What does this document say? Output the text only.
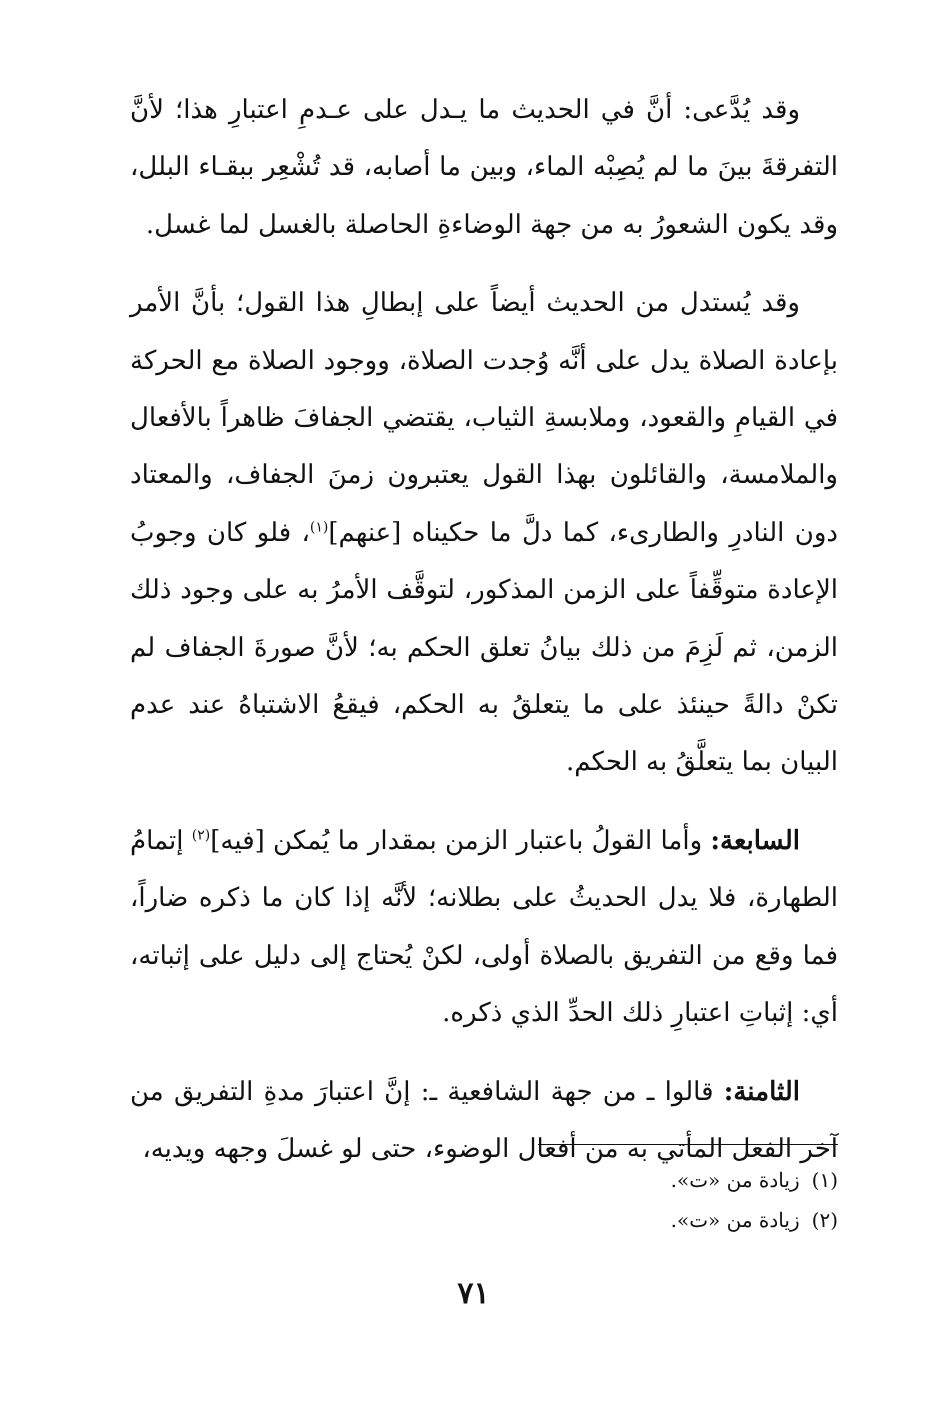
وقد يُدَّعى: أنَّ في الحديث ما يـدل على عـدمِ اعتبارِ هذا؛ لأنَّ التفرقةَ بينَ ما لم يُصِبْه الماء، وبين ما أصابه، قد تُشْعِر ببقـاء البلل، وقد يكون الشعورُ به من جهة الوضاءةِ الحاصلة بالغسل لما غسل.

وقد يُستدل من الحديث أيضاً على إبطالِ هذا القول؛ بأنَّ الأمر بإعادة الصلاة يدل على أنَّه وُجدت الصلاة، ووجود الصلاة مع الحركة في القيامِ والقعود، وملابسةِ الثياب، يقتضي الجفافَ ظاهراً بالأفعال والملامسة، والقائلون بهذا القول يعتبرون زمنَ الجفاف، والمعتاد دون النادرِ والطارىء، كما دلَّ ما حكيناه [عنهم]$^{(١)}$، فلو كان وجوبُ الإعادة متوقِّفاً على الزمن المذكور، لتوقَّف الأمرُ به على وجود ذلك الزمن، ثم لَزِمَ من ذلك بيانُ تعلق الحكم به؛ لأنَّ صورةَ الجفاف لم تكنْ دالةً حينئذ على ما يتعلقُ به الحكم، فيقعُ الاشتباهُ عند عدم البيان بما يتعلَّقُ به الحكم.

السابعة: وأما القولُ باعتبار الزمن بمقدار ما يُمكن [فيه]$^{(٢)}$ إتمامُ الطهارة، فلا يدل الحديثُ على بطلانه؛ لأنَّه إذا كان ما ذكره ضاراً، فما وقع من التفريق بالصلاة أولى، لكنْ يُحتاج إلى دليل على إثباته، أي: إثباتِ اعتبارِ ذلك الحدِّ الذي ذكره.

الثامنة: قالوا ـ من جهة الشافعية ـ: إنَّ اعتبارَ مدةِ التفريق من آخر الفعل المأتي به من أفعال الوضوء، حتى لو غسلَ وجهه ويديه،

(١)زيادة من «ت».
(٢)زيادة من «ت».
٧١
